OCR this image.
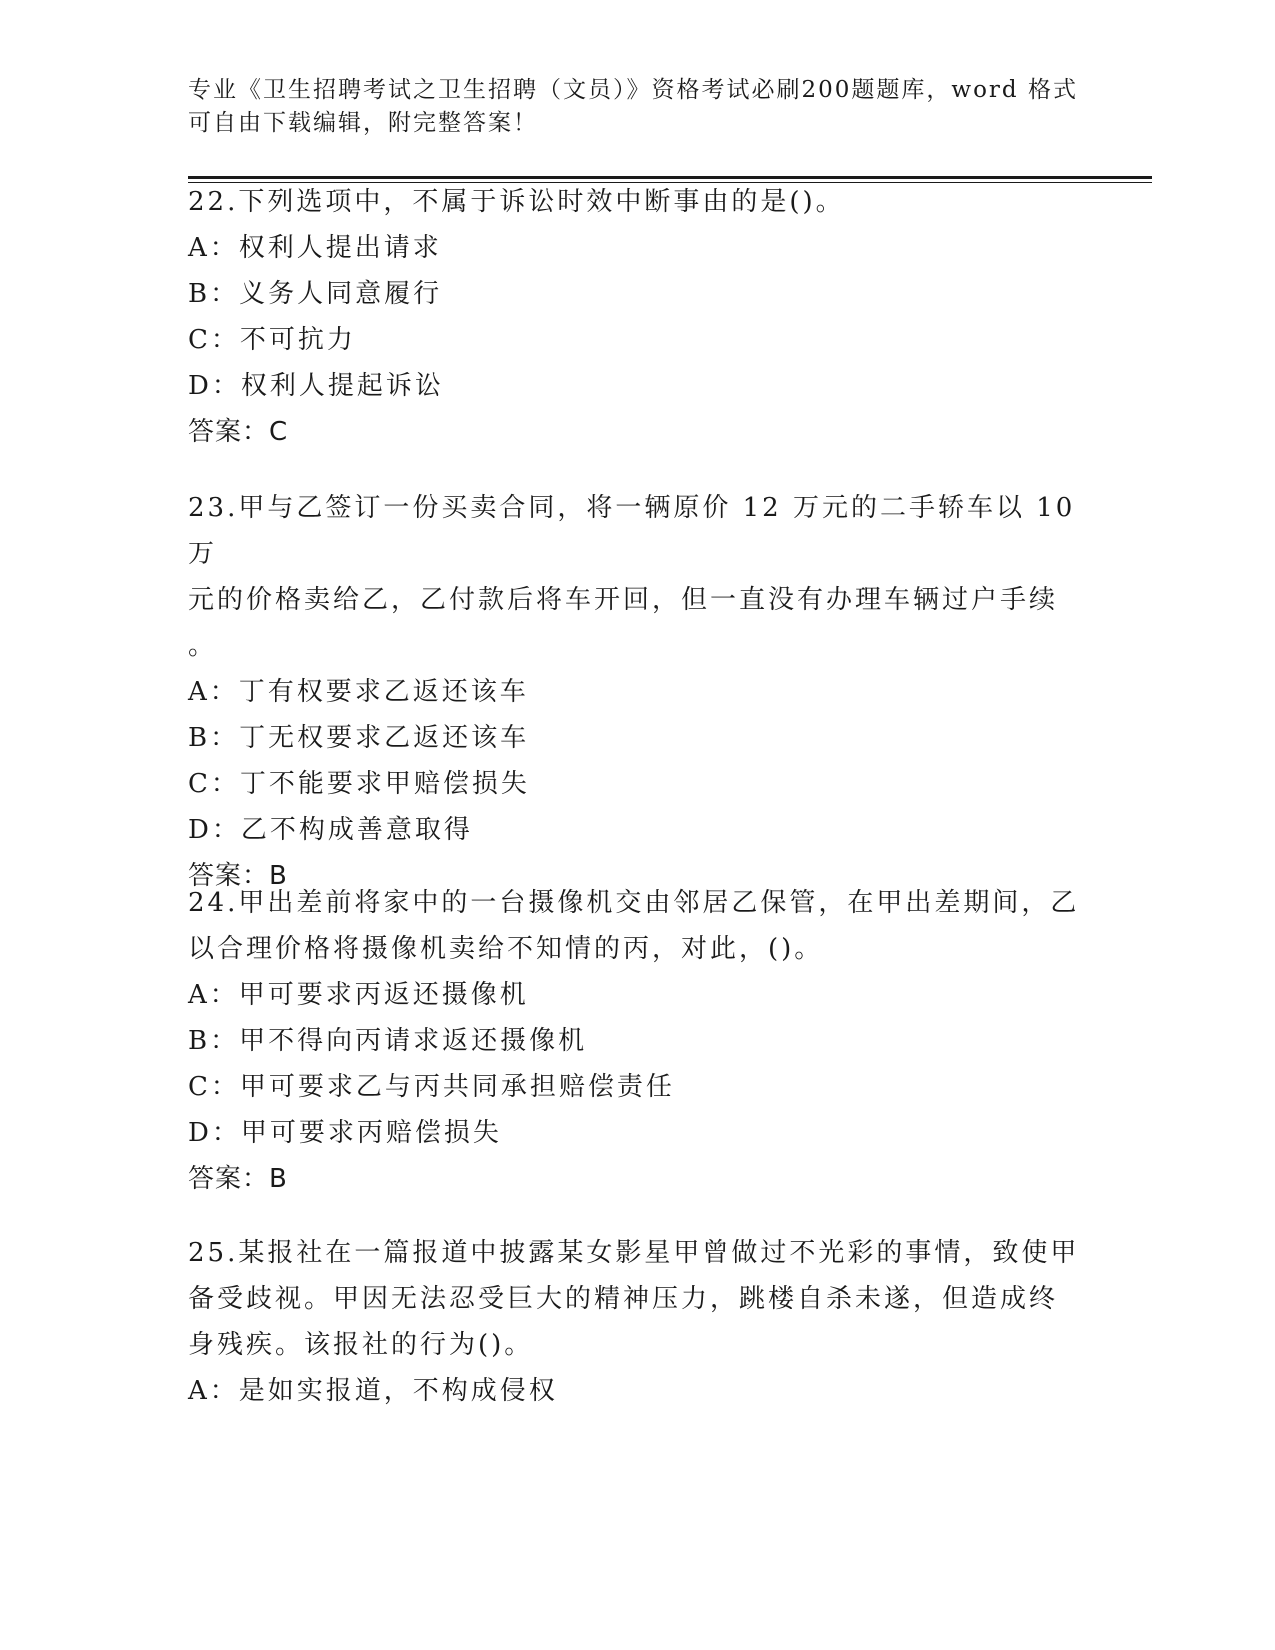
专业《卫生招聘考试之卫生招聘（文员）》资格考试必刷200题题库，word 格式
可自由下载编辑，附完整答案！

22.下列选项中，不属于诉讼时效中断事由的是()。

A：权利人提出请求

B：义务人同意履行

C：不可抗力

D：权利人提起诉讼

答案：C

23.甲与乙签订一份买卖合同，将一辆原价 12 万元的二手轿车以 10 万

元的价格卖给乙，乙付款后将车开回，但一直没有办理车辆过户手续

。

A：丁有权要求乙返还该车

B：丁无权要求乙返还该车

C：丁不能要求甲赔偿损失

D：乙不构成善意取得

答案：B

24.甲出差前将家中的一台摄像机交由邻居乙保管，在甲出差期间，乙

以合理价格将摄像机卖给不知情的丙，对此，()。

A：甲可要求丙返还摄像机

B：甲不得向丙请求返还摄像机

C：甲可要求乙与丙共同承担赔偿责任

D：甲可要求丙赔偿损失

答案：B

25.某报社在一篇报道中披露某女影星甲曾做过不光彩的事情，致使甲

备受歧视。甲因无法忍受巨大的精神压力，跳楼自杀未遂，但造成终

身残疾。该报社的行为()。

A：是如实报道，不构成侵权
